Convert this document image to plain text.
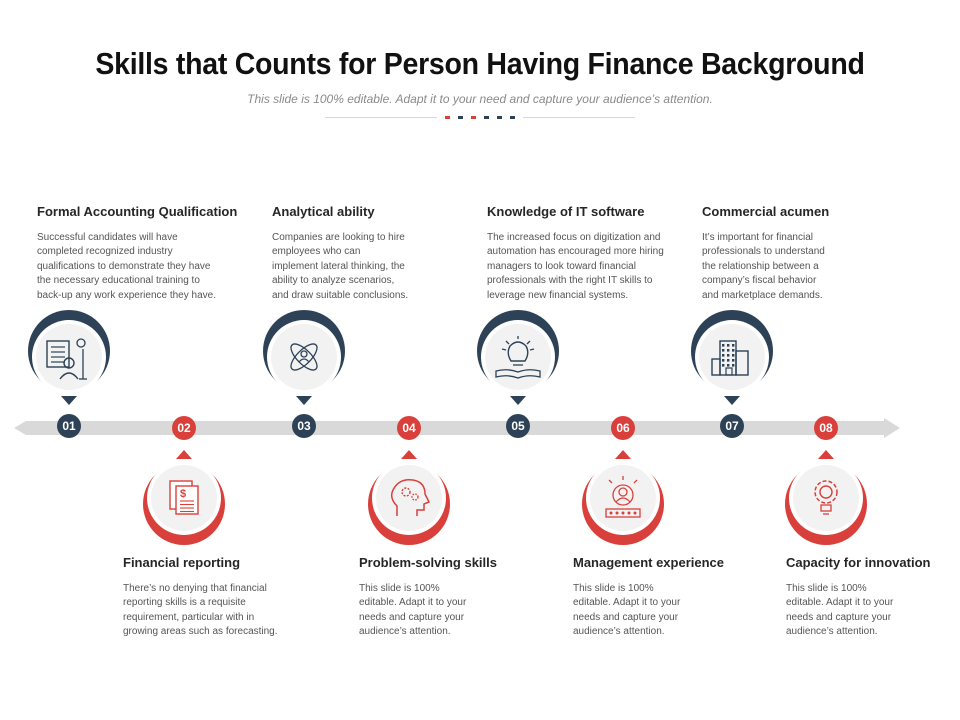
Skills that Counts for Person Having Finance Background
This slide is 100% editable. Adapt it to your need and capture your audience’s attention.
01
$
02	03	04	05	06	07	08
Formal Accounting Qualification
Successful candidates will have
completed recognized industry
qualifications to demonstrate they have
the necessary educational training to
back-up any work experience they have.
Financial reporting
There’s no denying that financial
reporting skills is a requisite
requirement, particular with in
growing areas such as forecasting.
Analytical ability
Companies are looking to hire
employees who can
implement lateral thinking, the
ability to analyze scenarios,
and draw suitable conclusions.
Problem-solving skills
This slide is 100%
editable. Adapt it to your
needs and capture your
audience’s attention.
Knowledge of IT software
The increased focus on digitization and
automation has encouraged more hiring
managers to look toward financial
professionals with the right IT skills to
leverage new financial systems.
Management experience
This slide is 100%
editable. Adapt it to your
needs and capture your
audience’s attention.
Commercial acumen
It’s important for financial
professionals to understand
the relationship between a
company’s fiscal behavior
and marketplace demands.
Capacity for innovation
This slide is 100%
editable. Adapt it to your
needs and capture your
audience’s attention.
